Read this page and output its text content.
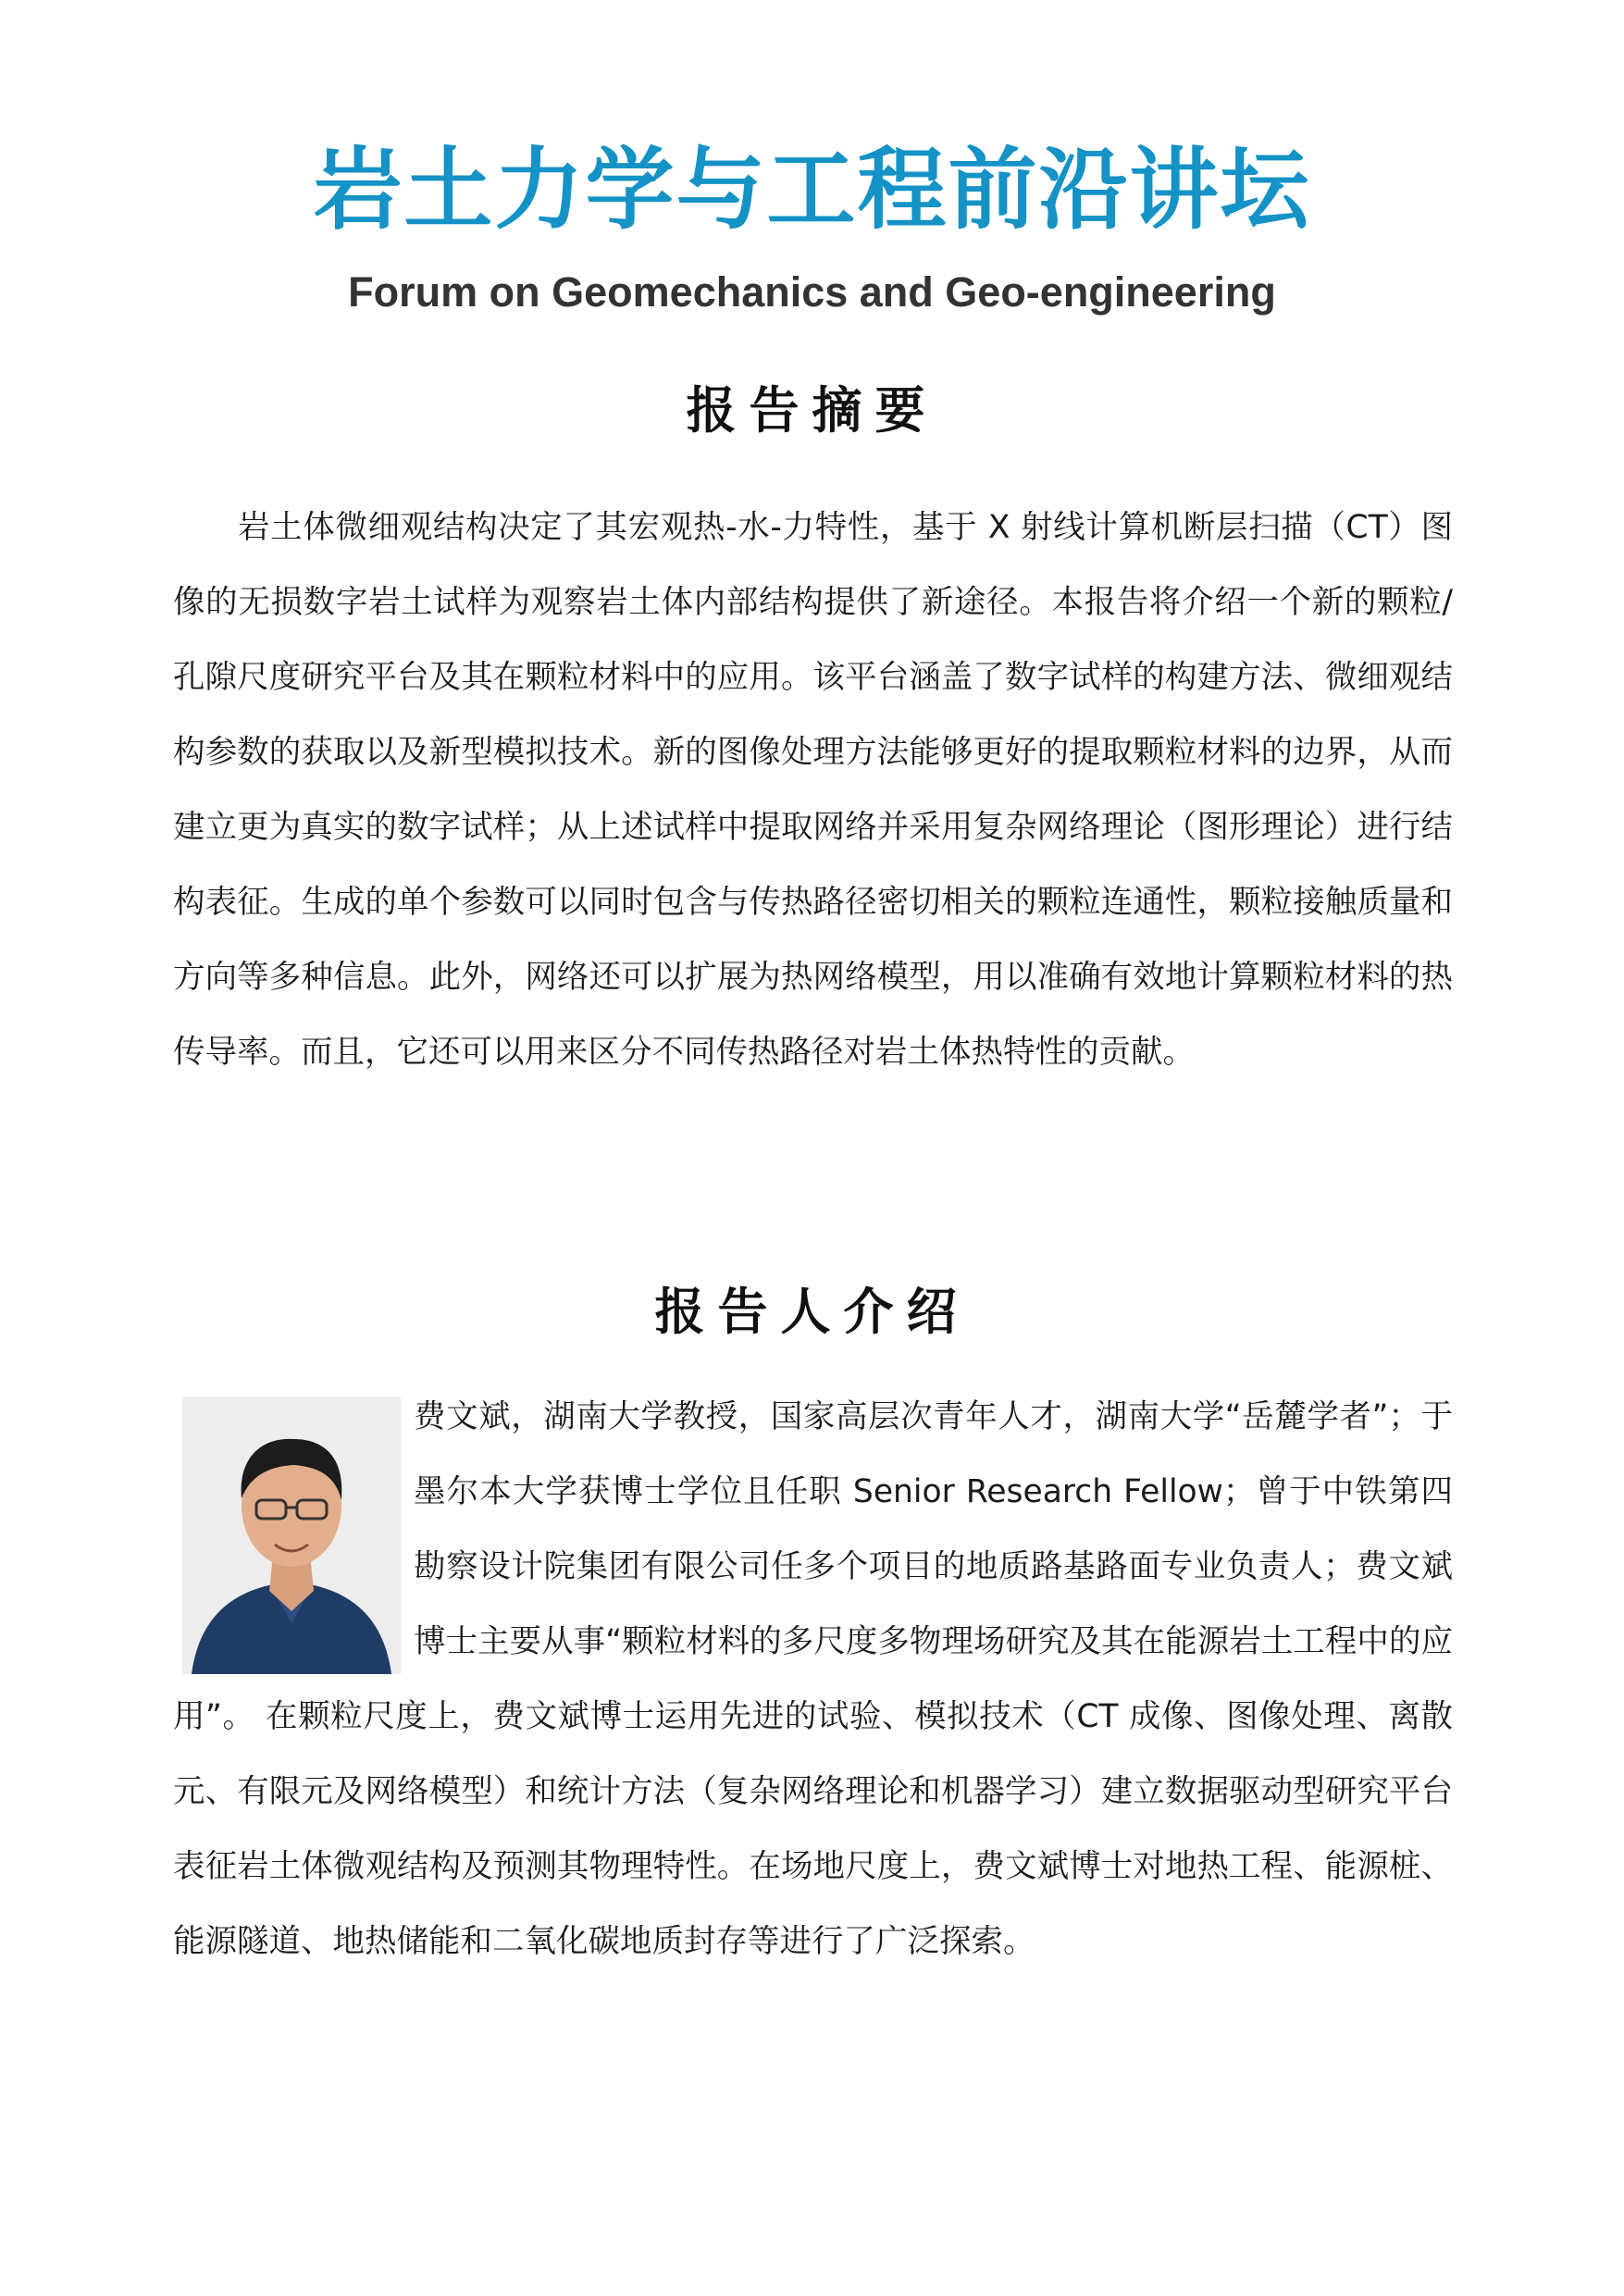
岩土力学与工程前沿讲坛
Forum on Geomechanics and Geo-engineering
报告摘要
岩土体微细观结构决定了其宏观热-水-力特性，基于 X 射线计算机断层扫描（CT）图像的无损数字岩土试样为观察岩土体内部结构提供了新途径。本报告将介绍一个新的颗粒/孔隙尺度研究平台及其在颗粒材料中的应用。该平台涵盖了数字试样的构建方法、微细观结构参数的获取以及新型模拟技术。新的图像处理方法能够更好的提取颗粒材料的边界，从而建立更为真实的数字试样；从上述试样中提取网络并采用复杂网络理论（图形理论）进行结构表征。生成的单个参数可以同时包含与传热路径密切相关的颗粒连通性，颗粒接触质量和方向等多种信息。此外，网络还可以扩展为热网络模型，用以准确有效地计算颗粒材料的热传导率。而且，它还可以用来区分不同传热路径对岩土体热特性的贡献。
报告人介绍
费文斌，湖南大学教授，国家高层次青年人才，湖南大学“岳麓学者”；于墨尔本大学获博士学位且任职 Senior Research Fellow；曾于中铁第四勘察设计院集团有限公司任多个项目的地质路基路面专业负责人；费文斌博士主要从事“颗粒材料的多尺度多物理场研究及其在能源岩土工程中的应用”。 在颗粒尺度上，费文斌博士运用先进的试验、模拟技术（CT 成像、图像处理、离散元、有限元及网络模型）和统计方法（复杂网络理论和机器学习）建立数据驱动型研究平台表征岩土体微观结构及预测其物理特性。在场地尺度上，费文斌博士对地热工程、能源桩、能源隧道、地热储能和二氧化碳地质封存等进行了广泛探索。
